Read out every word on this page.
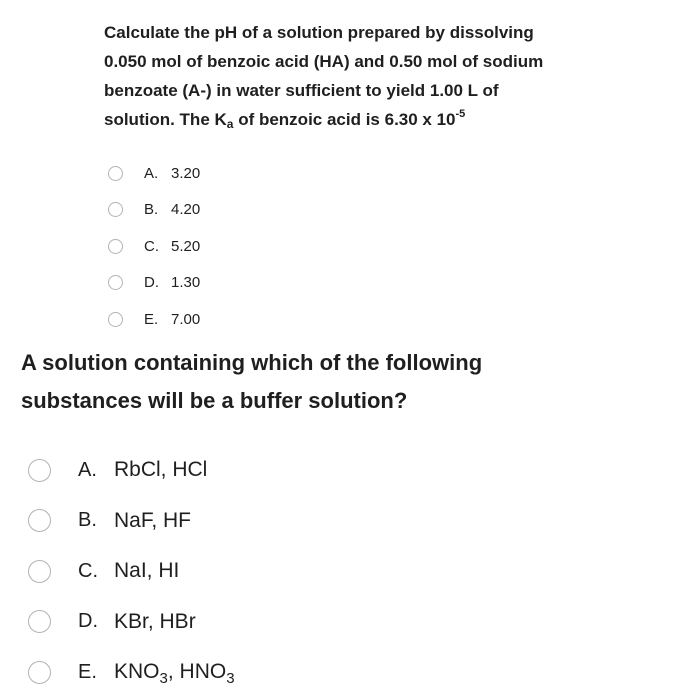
Calculate the pH of a solution prepared by dissolving
0.050 mol of benzoic acid (HA) and 0.50 mol of sodium
benzoate (A-) in water sufficient to yield 1.00 L of
solution. The $K_a$ of benzoic acid is 6.30 x $10^{-5}$

A. 3.20
B. 4.20
C. 5.20
D. 1.30
E. 7.00

A solution containing which of the following
substances will be a buffer solution?

A. RbCl, HCl
B. NaF, HF
C. NaI, HI
D. KBr, HBr
E. $KNO_3$, $HNO_3$
